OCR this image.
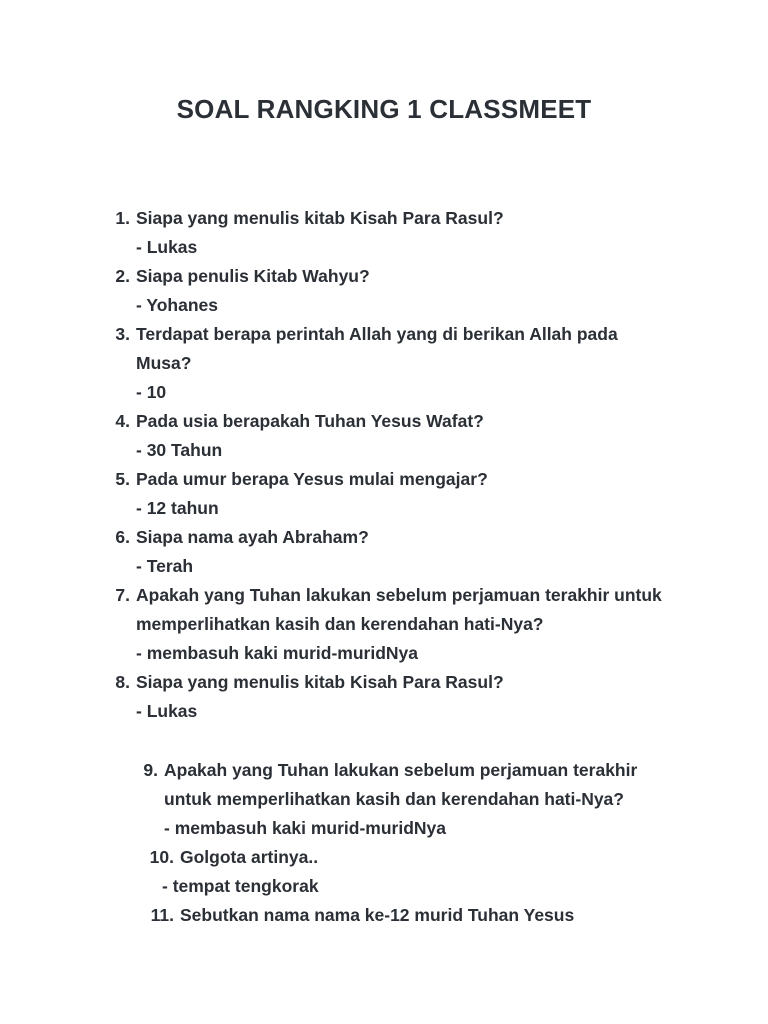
SOAL RANGKING 1 CLASSMEET
1. Siapa yang menulis kitab Kisah Para Rasul?
- Lukas
2. Siapa penulis Kitab Wahyu?
- Yohanes
3. Terdapat berapa perintah Allah yang di berikan Allah pada Musa?
- 10
4. Pada usia berapakah Tuhan Yesus Wafat?
- 30 Tahun
5. Pada umur berapa Yesus mulai mengajar?
- 12 tahun
6. Siapa nama ayah Abraham?
- Terah
7. Apakah yang Tuhan lakukan sebelum perjamuan terakhir untuk memperlihatkan kasih dan kerendahan hati-Nya?
- membasuh kaki murid-muridNya
8. Siapa yang menulis kitab Kisah Para Rasul?
- Lukas
9. Apakah yang Tuhan lakukan sebelum perjamuan terakhir untuk memperlihatkan kasih dan kerendahan hati-Nya?
- membasuh kaki murid-muridNya
10. Golgota artinya..
- tempat tengkorak
11. Sebutkan nama nama ke-12 murid Tuhan Yesus
